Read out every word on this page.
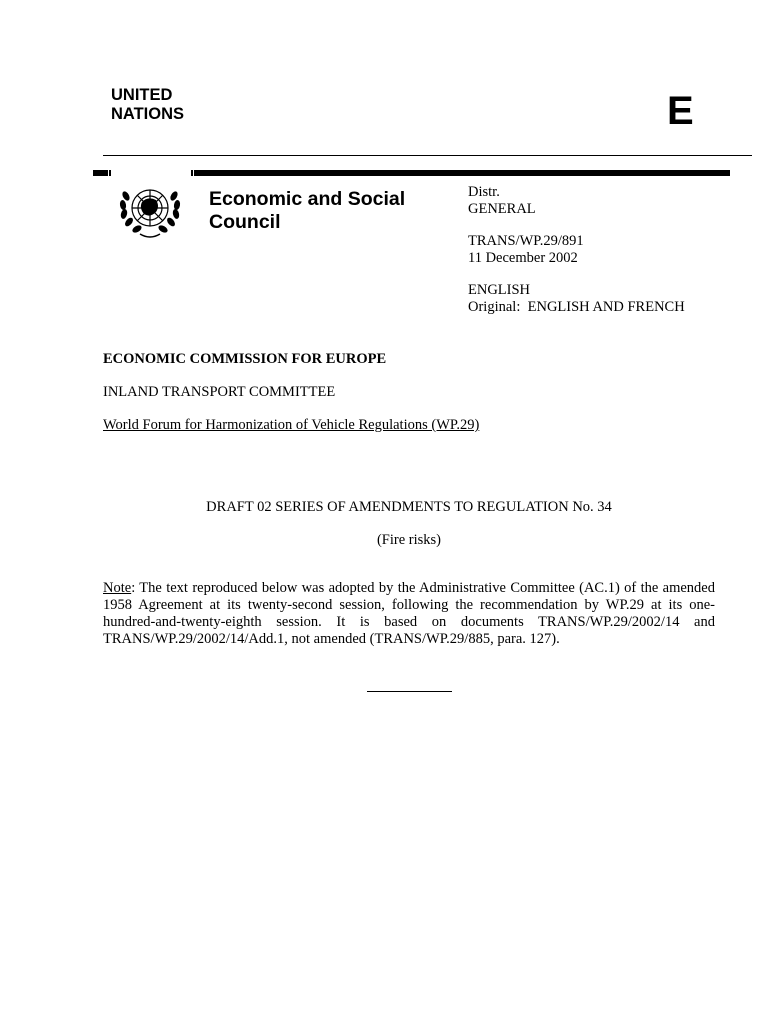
UNITED
NATIONS	E
Economic and Social
Council
Distr.
GENERAL
TRANS/WP.29/891
11 December 2002
ENGLISH
Original: ENGLISH AND FRENCH
ECONOMIC COMMISSION FOR EUROPE
INLAND TRANSPORT COMMITTEE
World Forum for Harmonization of Vehicle Regulations (WP.29)
DRAFT 02 SERIES OF AMENDMENTS TO REGULATION No. 34
(Fire risks)
Note: The text reproduced below was adopted by the Administrative Committee (AC.1) of the amended 1958 Agreement at its twenty-second session, following the recommendation by WP.29 at its one-hundred-and-twenty-eighth session. It is based on documents TRANS/WP.29/2002/14 and TRANS/WP.29/2002/14/Add.1, not amended (TRANS/WP.29/885, para. 127).
